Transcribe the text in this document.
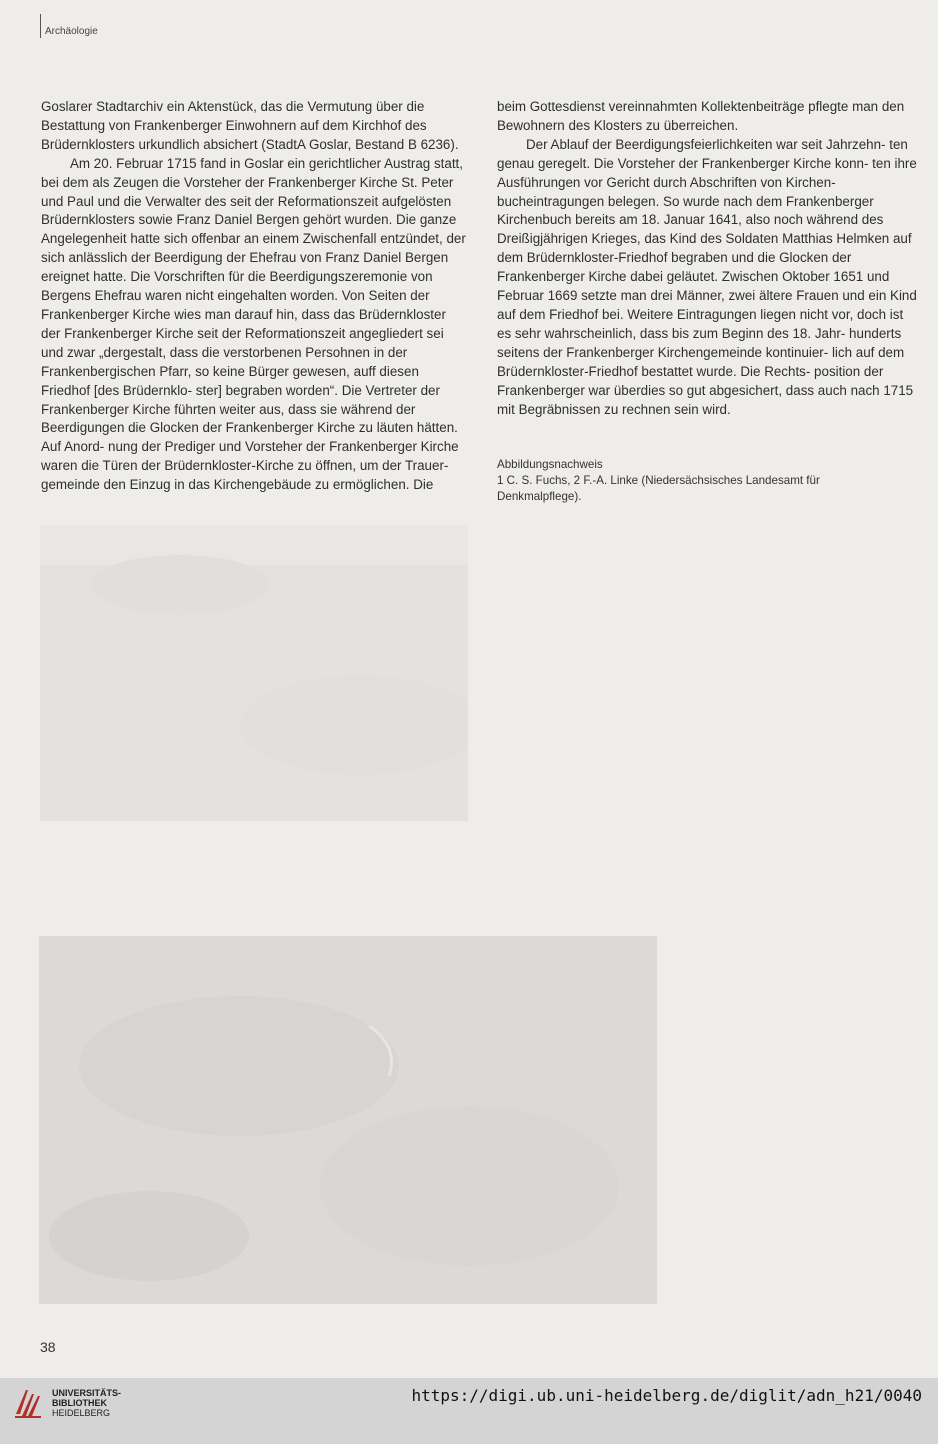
Archäologie

Goslarer Stadtarchiv ein Aktenstück, das die Vermutung über die Bestattung von Frankenberger Einwohnern auf dem Kirchhof des Brüdernklosters urkundlich absichert (StadtA Goslar, Bestand B 6236).

Am 20. Februar 1715 fand in Goslar ein gerichtlicher Austrag statt, bei dem als Zeugen die Vorsteher der Frankenberger Kirche St. Peter und Paul und die Verwalter des seit der Reformationszeit aufgelösten Brüdernklosters sowie Franz Daniel Bergen gehört wurden. Die ganze Angelegenheit hatte sich offenbar an einem Zwischenfall entzündet, der sich anlässlich der Beerdigung der Ehefrau von Franz Daniel Bergen ereignet hatte. Die Vorschriften für die Beerdigungszeremonie von Bergens Ehefrau waren nicht eingehalten worden. Von Seiten der Frankenberger Kirche wies man darauf hin, dass das Brüdernkloster der Frankenberger Kirche seit der Reformationszeit angegliedert sei und zwar „dergestalt, dass die verstorbenen Persohnen in der Frankenbergischen Pfarr, so keine Bürger gewesen, auff diesen Friedhof [des Brüdernklo- ster] begraben worden“. Die Vertreter der Frankenberger Kirche führten weiter aus, dass sie während der Beerdigungen die Glocken der Frankenberger Kirche zu läuten hätten. Auf Anord- nung der Prediger und Vorsteher der Frankenberger Kirche waren die Türen der Brüdernkloster-Kirche zu öffnen, um der Trauer- gemeinde den Einzug in das Kirchengebäude zu ermöglichen. Die

beim Gottesdienst vereinnahmten Kollektenbeiträge pflegte man den Bewohnern des Klosters zu überreichen.

Der Ablauf der Beerdigungsfeierlichkeiten war seit Jahrzehn- ten genau geregelt. Die Vorsteher der Frankenberger Kirche konn- ten ihre Ausführungen vor Gericht durch Abschriften von Kirchen- bucheintragungen belegen. So wurde nach dem Frankenberger Kirchenbuch bereits am 18. Januar 1641, also noch während des Dreißigjährigen Krieges, das Kind des Soldaten Matthias Helmken auf dem Brüdernkloster-Friedhof begraben und die Glocken der Frankenberger Kirche dabei geläutet. Zwischen Oktober 1651 und Februar 1669 setzte man drei Männer, zwei ältere Frauen und ein Kind auf dem Friedhof bei. Weitere Eintragungen liegen nicht vor, doch ist es sehr wahrscheinlich, dass bis zum Beginn des 18. Jahr- hunderts seitens der Frankenberger Kirchengemeinde kontinuier- lich auf dem Brüdernkloster-Friedhof bestattet wurde. Die Rechts- position der Frankenberger war überdies so gut abgesichert, dass auch nach 1715 mit Begräbnissen zu rechnen sein wird.

Abbildungsnachweis

1 C. S. Fuchs, 2 F.-A. Linke (Niedersächsisches Landesamt für Denkmalpflege).

38
UNIVERSITÄTS-
BIBLIOTHEK
HEIDELBERG
https://digi.ub.uni-heidelberg.de/diglit/adn_h21/0040
